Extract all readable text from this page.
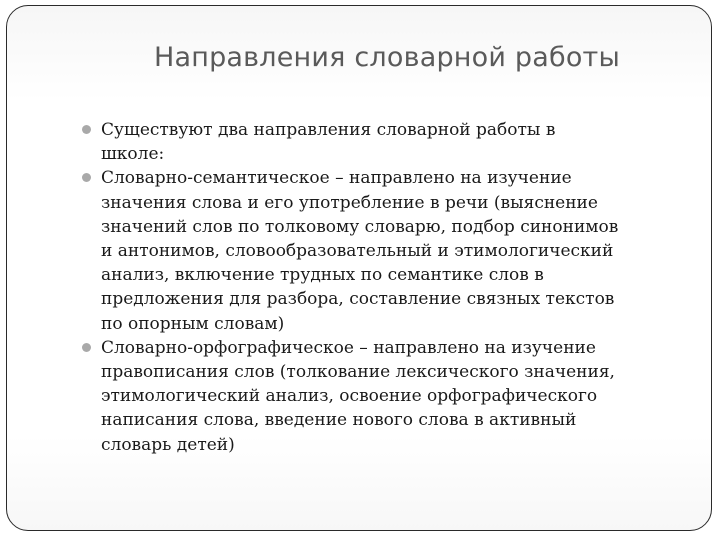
Направления словарной работы
Существуют два направления словарной работы в
школе:
Словарно-семантическое – направлено на изучение
значения слова и его употребление в речи (выяснение
значений слов по толковому словарю, подбор синонимов
и антонимов, словообразовательный и этимологический
анализ, включение трудных по семантике слов в
предложения для разбора, составление связных текстов
по опорным словам)
Словарно-орфографическое – направлено на изучение
правописания слов (толкование лексического значения,
этимологический анализ, освоение орфографического
написания слова, введение нового слова в активный
словарь детей)
